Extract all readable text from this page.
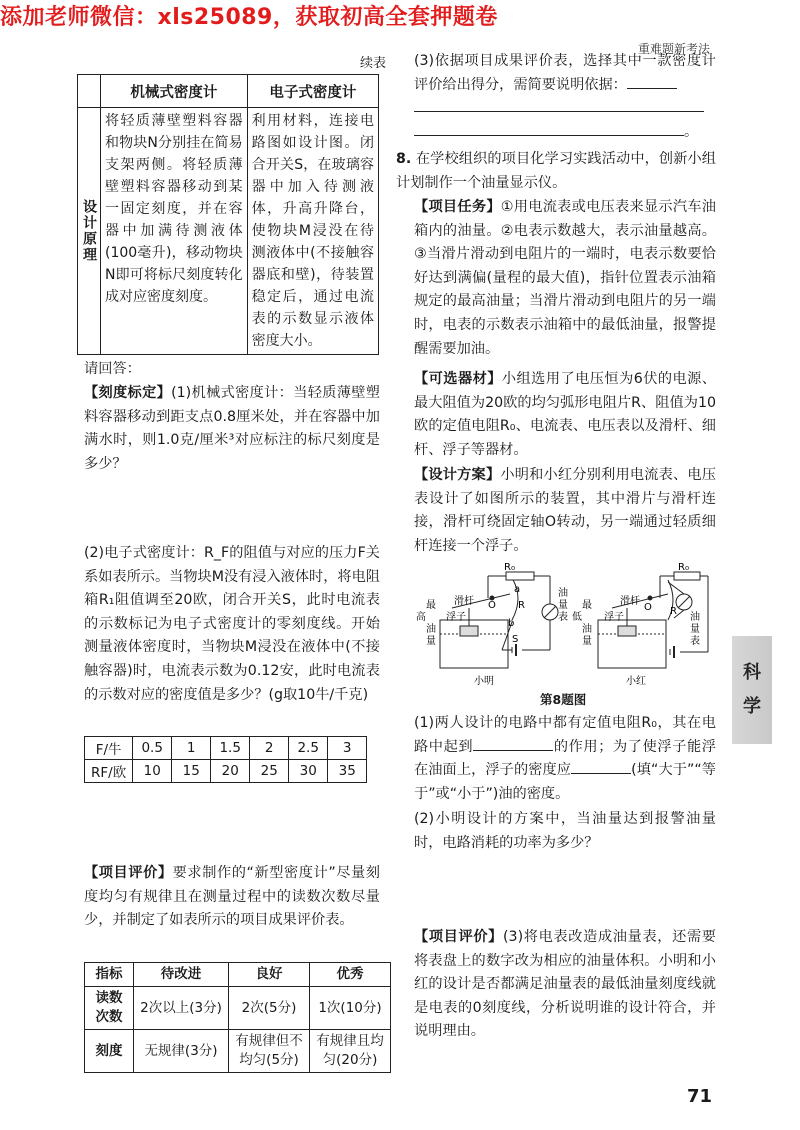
添加老师微信：xls25089，获取初高全套押题卷
重难题新考法
71
科
学
续表
	机械式密度计	电子式密度计
设计原理	将轻质薄壁塑料容器和物块N分别挂在简易支架两侧。将轻质薄壁塑料容器移动到某一固定刻度，并在容器中加满待测液体(100毫升)，移动物块N即可将标尺刻度转化成对应密度刻度。	利用材料，连接电路图如设计图。闭合开关S，在玻璃容器中加入待测液体，升高升降台，使物块M浸没在待测液体中(不接触容器底和壁)，待装置稳定后，通过电流表的示数显示液体密度大小。
请回答：
【刻度标定】(1)机械式密度计：当轻质薄壁塑料容器移动到距支点0.8厘米处，并在容器中加满水时，则1.0克/厘米³对应标注的标尺刻度是多少？
(2)电子式密度计：R_F的阻值与对应的压力F关系如表所示。当物块M没有浸入液体时，将电阻箱R₁阻值调至20欧，闭合开关S，此时电流表的示数标记为电子式密度计的零刻度线。开始测量液体密度时，当物块M浸没在液体中(不接触容器)时，电流表示数为0.12安，此时电流表的示数对应的密度值是多少？(g取10牛/千克)
F/牛	0.5	1	1.5	2	2.5	3
RF/欧	10	15	20	25	30	35
【项目评价】要求制作的“新型密度计”尽量刻度均匀有规律且在测量过程中的读数次数尽量少，并制定了如表所示的项目成果评价表。
指标	待改进	良好	优秀
读数次数	2次以上(3分)	2次(5分)	1次(10分)
刻度	无规律(3分)	有规律但不均匀(5分)	有规律且均匀(20分)
(3)依据项目成果评价表，选择其中一款密度计评价给出得分，需简要说明依据：

。
8. 在学校组织的项目化学习实践活动中，创新小组计划制作一个油量显示仪。
【项目任务】①用电流表或电压表来显示汽车油箱内的油量。②电表示数越大，表示油量越高。③当滑片滑动到电阻片的一端时，电表示数要恰好达到满偏(量程的最大值)，指针位置表示油箱规定的最高油量；当滑片滑动到电阻片的另一端时，电表的示数表示油箱中的最低油量，报警提醒需要加油。
【可选器材】小组选用了电压恒为6伏的电源、最大阻值为20欧的均匀弧形电阻片R、阻值为10欧的定值电阻R₀、电流表、电压表以及滑杆、细杆、浮子等器材。
【设计方案】小明和小红分别利用电流表、电压表设计了如图所示的装置，其中滑片与滑杆连接，滑杆可绕固定轴O转动，另一端通过轻质细杆连接一个浮子。
R₀
滑杆 O
a
R
b
S
浮子
最
高
油
量
油
量
表
小明
R₀
滑杆
O R
浮子
最
低
油
量
油
量
表
小红
第8题图
(1)两人设计的电路中都有定值电阻R₀，其在电路中起到	的作用；为了使浮子能浮在油面上，浮子的密度应	(填“大于”“等于”或“小于”)油的密度。
(2)小明设计的方案中，当油量达到报警油量时，电路消耗的功率为多少？
【项目评价】(3)将电表改造成油量表，还需要将表盘上的数字改为相应的油量体积。小明和小红的设计是否都满足油量表的最低油量刻度线就是电表的0刻度线，分析说明谁的设计符合，并说明理由。
